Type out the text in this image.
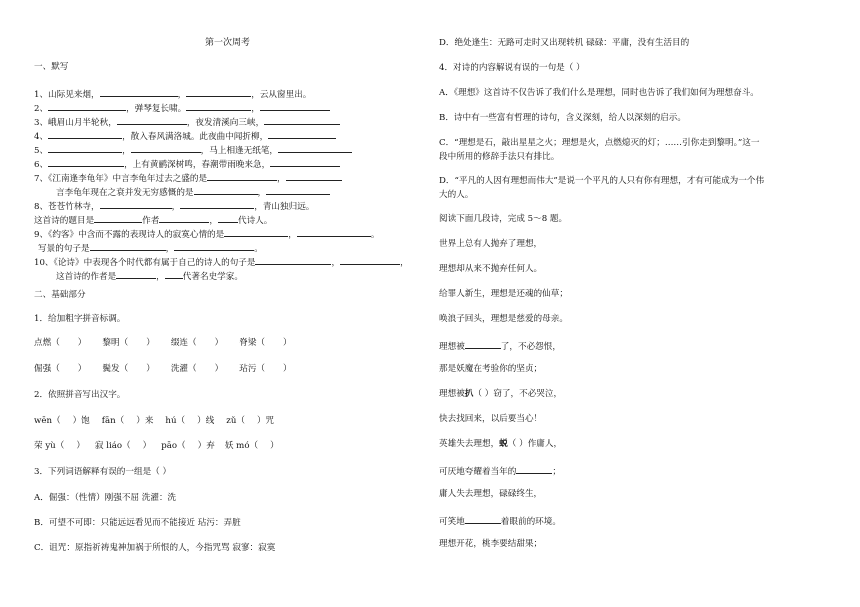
第一次周考
一、默写
1、山际见来烟，	，	，云从窗里出。
2、	，弹琴复长啸。	，
3、峨眉山月半轮秋，	，夜发清溪向三峡，
4、	，散入春风满洛城。此夜曲中闻折柳，
5、	，	，马上相逢无纸笔，
6、	，上有黄鹂深树鸣，春潮带雨晚来急，
7、《江南逢李龟年》中言李龟年过去之盛的是	，
言李龟年现在之衰并发无穷感慨的是	，
8、苍苍竹林寺，	，	，青山独归远。
这首诗的题目是	作者	， 代诗人。
9、《约客》中含而不露的表现诗人的寂寞心情的是	，	。
写景的句子是	，	。
10、《论诗》中表现各个时代都有属于自己的诗人的句子是	，	，
这首诗的作者是	， 代著名史学家。
二、基础部分
1．给加粗字拼音标调。
点燃（ ） 黎明（ ） 缀连（ ） 脊梁（ ）
倔强（ ） 鬓发（ ） 洗濯（ ） 玷污（ ）
2．依照拼音写出汉字。
wēn（ ）饱 fān（ ）来 hú（ ）线 zǔ（ ）咒
荣 yù（ ） 寂 liáo（ ） pāo（ ）弃 妖 mó（ ）
3．下列词语解释有误的一组是（ ）
A．倔强：（性情）刚强不屈 洗濯：洗
B．可望不可即：只能远远看见而不能接近 玷污：弄脏
C．诅咒：原指祈祷鬼神加祸于所恨的人，今指咒骂 寂寥：寂寞
D．绝处逢生：无路可走时又出现转机 碌碌：平庸，没有生活目的
4．对诗的内容解说有误的一句是（ ）
A．《理想》这首诗不仅告诉了我们什么是理想，同时也告诉了我们如何为理想奋斗。
B．诗中有一些富有哲理的诗句，含义深刻，给人以深刻的启示。
C．“理想是石，敲出星星之火；理想是火，点燃熄灭的灯；……引你走到黎明。”这一
段中所用的修辞手法只有排比。
D．“平凡的人因有理想而伟大”是说一个平凡的人只有你有理想，才有可能成为一个伟
大的人。
阅读下面几段诗，完成 5～8 题。
世界上总有人抛弃了理想，
理想却从来不抛弃任何人。
给罪人新生，理想是还魂的仙草；
唤浪子回头，理想是慈爱的母亲。
理想被	了，不必怨恨，
那是妖魔在考验你的坚贞；
理想被扒（ ）窃了，不必哭泣，
快去找回来，以后要当心！
英雄失去理想，蜕（ ）作庸人，
可厌地夸耀着当年的	；
庸人失去理想，碌碌终生，
可笑地	着眼前的环境。
理想开花，桃李要结甜果；
